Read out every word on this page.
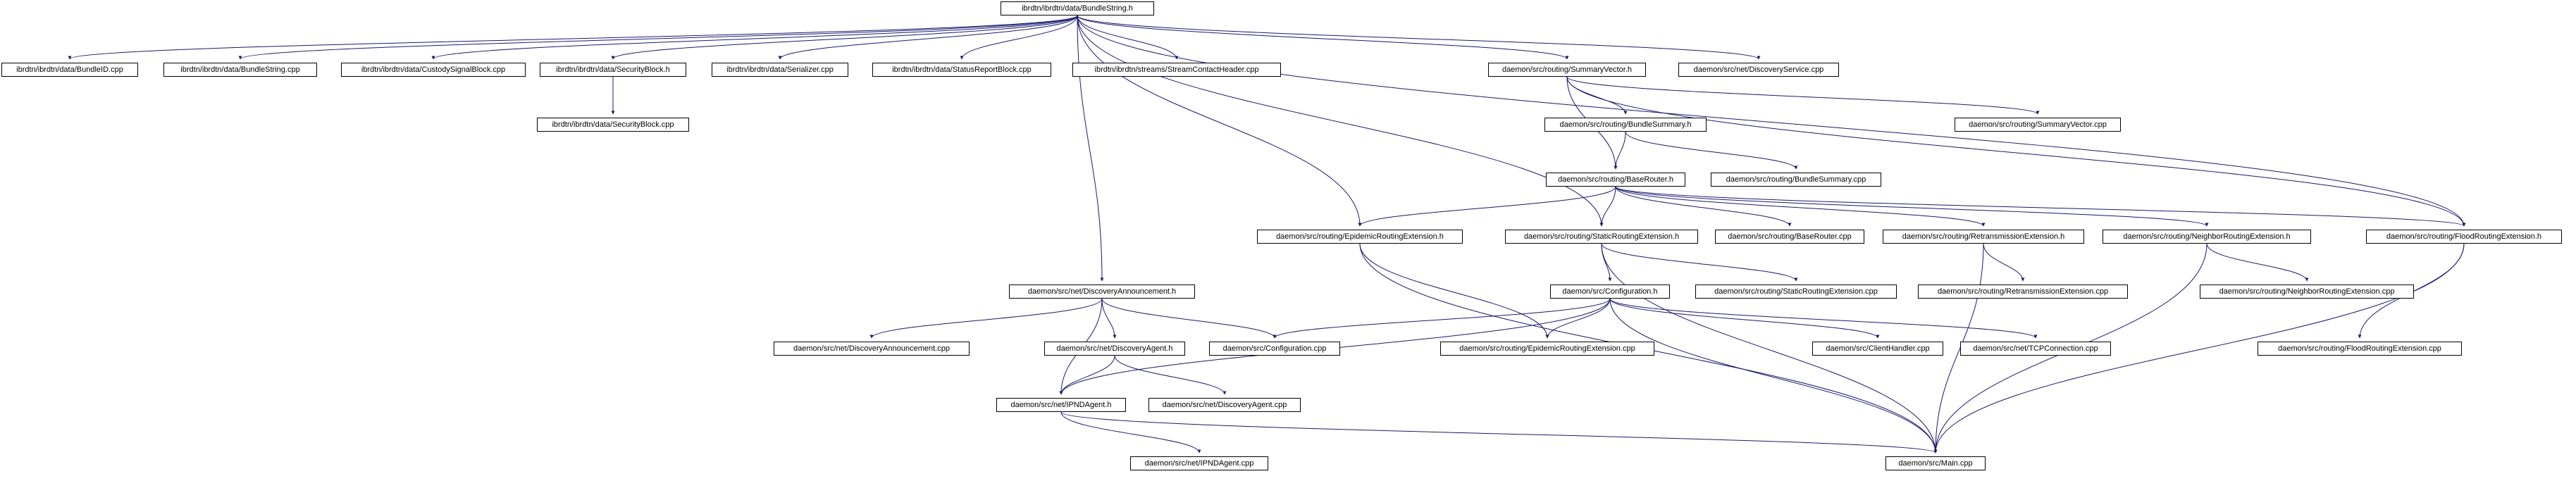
ibrdtn/ibrdtn/data/BundleString.h
ibrdtn/ibrdtn/data/BundleID.cpp	ibrdtn/ibrdtn/data/BundleString.cpp	ibrdtn/ibrdtn/data/CustodySignalBlock.cpp	ibrdtn/ibrdtn/data/SecurityBlock.h	ibrdtn/ibrdtn/data/Serializer.cpp	ibrdtn/ibrdtn/data/StatusReportBlock.cpp	ibrdtn/ibrdtn/streams/StreamContactHeader.cpp	daemon/src/routing/SummaryVector.h	daemon/src/net/DiscoveryService.cpp
ibrdtn/ibrdtn/data/SecurityBlock.cpp	daemon/src/routing/BundleSummary.h	daemon/src/routing/SummaryVector.cpp
daemon/src/routing/BaseRouter.h	daemon/src/routing/BundleSummary.cpp
daemon/src/routing/EpidemicRoutingExtension.h	daemon/src/routing/StaticRoutingExtension.h	daemon/src/routing/BaseRouter.cpp	daemon/src/routing/RetransmissionExtension.h	daemon/src/routing/NeighborRoutingExtension.h	daemon/src/routing/FloodRoutingExtension.h
daemon/src/net/DiscoveryAnnouncement.h	daemon/src/Configuration.h	daemon/src/routing/StaticRoutingExtension.cpp	daemon/src/routing/RetransmissionExtension.cpp	daemon/src/routing/NeighborRoutingExtension.cpp
daemon/src/net/DiscoveryAnnouncement.cpp	daemon/src/net/DiscoveryAgent.h	daemon/src/Configuration.cpp	daemon/src/routing/EpidemicRoutingExtension.cpp	daemon/src/ClientHandler.cpp	daemon/src/net/TCPConnection.cpp	daemon/src/routing/FloodRoutingExtension.cpp
daemon/src/net/IPNDAgent.h	daemon/src/net/DiscoveryAgent.cpp
daemon/src/net/IPNDAgent.cpp	daemon/src/Main.cpp
